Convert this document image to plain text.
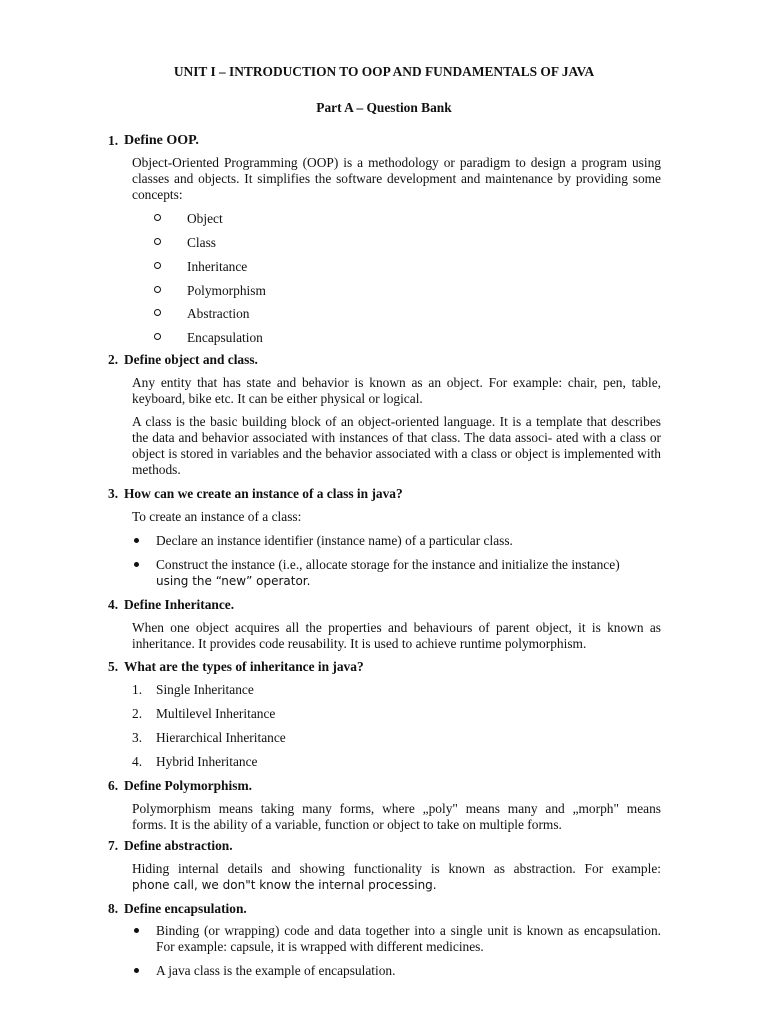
UNIT I – INTRODUCTION TO OOP AND FUNDAMENTALS OF JAVA
Part A – Question Bank
1. Define OOP.
Object-Oriented Programming (OOP) is a methodology or paradigm to design a program using classes and objects. It simplifies the software development and maintenance by providing some concepts:
Object
Class
Inheritance
Polymorphism
Abstraction
Encapsulation
2. Define object and class.
Any entity that has state and behavior is known as an object. For example: chair, pen, table, keyboard, bike etc. It can be either physical or logical.
A class is the basic building block of an object-oriented language. It is a template that describes the data and behavior associated with instances of that class. The data associ- ated with a class or object is stored in variables and the behavior associated with a class or object is implemented with methods.
3. How can we create an instance of a class in java?
To create an instance of a class:
Declare an instance identifier (instance name) of a particular class.
Construct the instance (i.e., allocate storage for the instance and initialize the instance)
using the “new” operator.
4. Define Inheritance.
When one object acquires all the properties and behaviours of parent object, it is known as inheritance. It provides code reusability. It is used to achieve runtime polymorphism.
5. What are the types of inheritance in java?
1. Single Inheritance
2. Multilevel Inheritance
3. Hierarchical Inheritance
4. Hybrid Inheritance
6. Define Polymorphism.
Polymorphism means taking many forms, where „poly" means many and „morph" means
forms. It is the ability of a variable, function or object to take on multiple forms.
7. Define abstraction.
Hiding internal details and showing functionality is known as abstraction. For example:
phone call, we don"t know the internal processing.
8. Define encapsulation.
Binding (or wrapping) code and data together into a single unit is known as encapsulation. For example: capsule, it is wrapped with different medicines.
A java class is the example of encapsulation.
